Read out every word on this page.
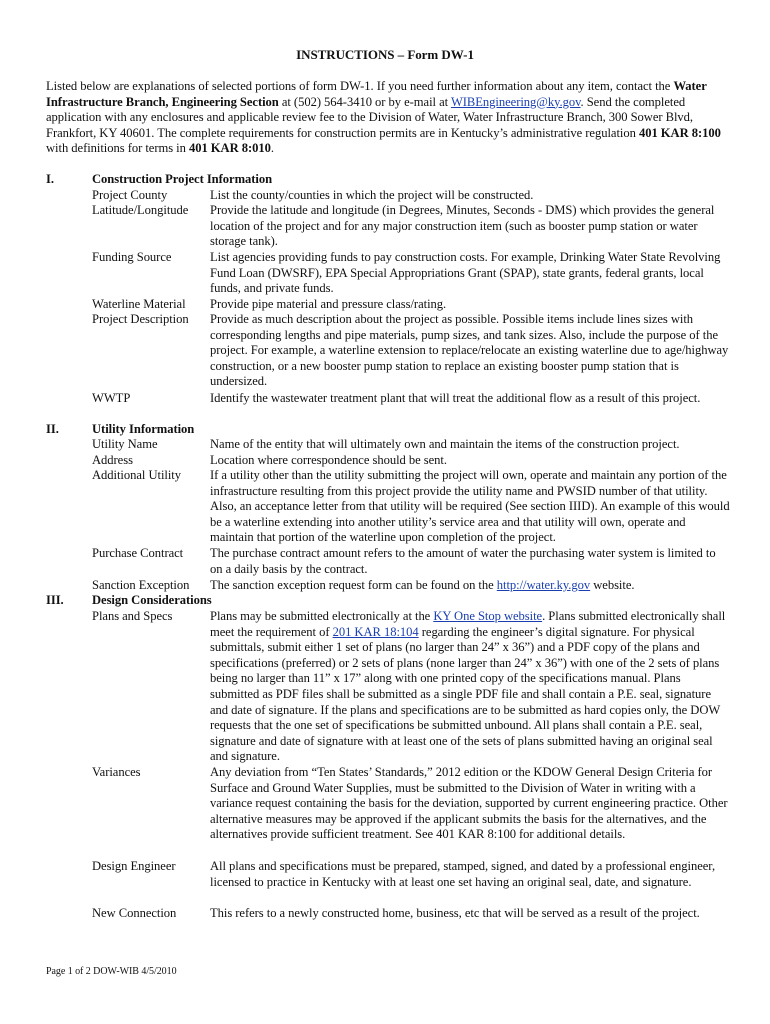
INSTRUCTIONS – Form DW-1
Listed below are explanations of selected portions of form DW-1. If you need further information about any item, contact the Water Infrastructure Branch, Engineering Section at (502) 564-3410 or by e-mail at WIBEngineering@ky.gov. Send the completed application with any enclosures and applicable review fee to the Division of Water, Water Infrastructure Branch, 300 Sower Blvd, Frankfort, KY 40601. The complete requirements for construction permits are in Kentucky’s administrative regulation 401 KAR 8:100 with definitions for terms in 401 KAR 8:010.
I.	Construction Project Information
Project County	List the county/counties in which the project will be constructed.
Latitude/Longitude	Provide the latitude and longitude (in Degrees, Minutes, Seconds - DMS) which provides the general location of the project and for any major construction item (such as booster pump station or water storage tank).
Funding Source	List agencies providing funds to pay construction costs. For example, Drinking Water State Revolving Fund Loan (DWSRF), EPA Special Appropriations Grant (SPAP), state grants, federal grants, local funds, and private funds.
Waterline Material	Provide pipe material and pressure class/rating.
Project Description	Provide as much description about the project as possible. Possible items include lines sizes with corresponding lengths and pipe materials, pump sizes, and tank sizes. Also, include the purpose of the project. For example, a waterline extension to replace/relocate an existing waterline due to age/highway construction, or a new booster pump station to replace an existing booster pump station that is undersized.
WWTP	Identify the wastewater treatment plant that will treat the additional flow as a result of this project.
II.	Utility Information
Utility Name	Name of the entity that will ultimately own and maintain the items of the construction project.
Address	Location where correspondence should be sent.
Additional Utility	If a utility other than the utility submitting the project will own, operate and maintain any portion of the infrastructure resulting from this project provide the utility name and PWSID number of that utility. Also, an acceptance letter from that utility will be required (See section IIID). An example of this would be a waterline extending into another utility’s service area and that utility will own, operate and maintain that portion of the waterline upon completion of the project.
Purchase Contract	The purchase contract amount refers to the amount of water the purchasing water system is limited to on a daily basis by the contract.
Sanction Exception	The sanction exception request form can be found on the http://water.ky.gov website.
III. Design Considerations
Plans and Specs	Plans may be submitted electronically at the KY One Stop website. Plans submitted electronically shall meet the requirement of 201 KAR 18:104 regarding the engineer’s digital signature. For physical submittals, submit either 1 set of plans (no larger than 24” x 36”) and a PDF copy of the plans and specifications (preferred) or 2 sets of plans (none larger than 24” x 36”) with one of the 2 sets of plans being no larger than 11” x 17” along with one printed copy of the specifications manual. Plans submitted as PDF files shall be submitted as a single PDF file and shall contain a P.E. seal, signature and date of signature. If the plans and specifications are to be submitted as hard copies only, the DOW requests that the one set of specifications be submitted unbound. All plans shall contain a P.E. seal, signature and date of signature with at least one of the sets of plans submitted having an original seal and signature.
Variances	Any deviation from “Ten States’ Standards,” 2012 edition or the KDOW General Design Criteria for Surface and Ground Water Supplies, must be submitted to the Division of Water in writing with a variance request containing the basis for the deviation, supported by current engineering practice. Other alternative measures may be approved if the applicant submits the basis for the alternatives, and the alternatives provide sufficient treatment. See 401 KAR 8:100 for additional details.
Design Engineer	All plans and specifications must be prepared, stamped, signed, and dated by a professional engineer, licensed to practice in Kentucky with at least one set having an original seal, date, and signature.
New Connection	This refers to a newly constructed home, business, etc that will be served as a result of the project.
Page 1 of 2 DOW-WIB 4/5/2010
